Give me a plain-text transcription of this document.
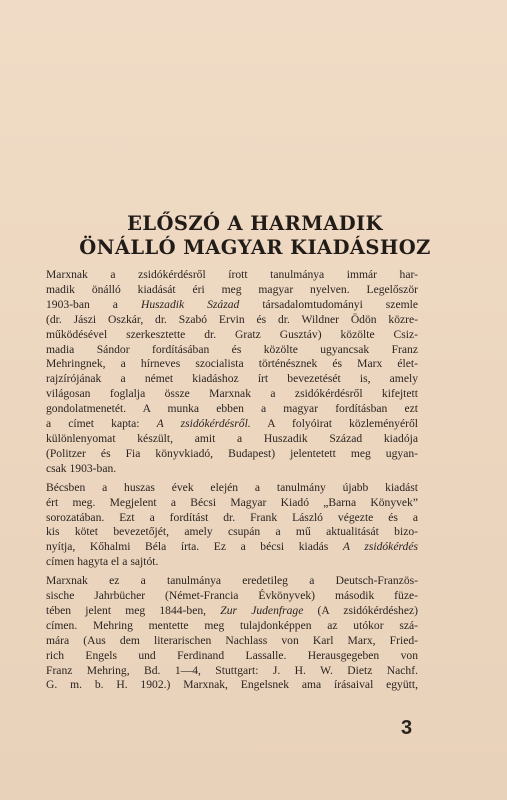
ELŐSZÓ A HARMADIK
ÖNÁLLÓ MAGYAR KIADÁSHOZ
Marxnak a zsidókérdésről írott tanulmánya immár har-
madik önálló kiadását éri meg magyar nyelven. Legelőször
1903-ban a Huszadik Század társadalomtudományi szemle
(dr. Jászi Oszkár, dr. Szabó Ervin és dr. Wildner Ödön közre-
működésével szerkesztette dr. Gratz Gusztáv) közölte Csiz-
madia Sándor fordításában és közölte ugyancsak Franz
Mehringnek, a hírneves szocialista történésznek és Marx élet-
rajzírójának a német kiadáshoz írt bevezetését is, amely
világosan foglalja össze Marxnak a zsidókérdésről kifejtett
gondolatmenetét. A munka ebben a magyar fordításban ezt
a címet kapta: A zsidókérdésről. A folyóirat közleményéről
különlenyomat készült, amit a Huszadik Század kiadója
(Politzer és Fia könyvkiadó, Budapest) jelentetett meg ugyan-
csak 1903-ban.
Bécsben a huszas évek elején a tanulmány újabb kiadást
ért meg. Megjelent a Bécsi Magyar Kiadó „Barna Könyvek”
sorozatában. Ezt a fordítást dr. Frank László végezte és a
kis kötet bevezetőjét, amely csupán a mű aktualitását bizo-
nyítja, Kőhalmi Béla írta. Ez a bécsi kiadás A zsidókérdés
címen hagyta el a sajtót.
Marxnak ez a tanulmánya eredetileg a Deutsch-Französ-
sische Jahrbücher (Német-Francia Évkönyvek) második füze-
tében jelent meg 1844-ben, Zur Judenfrage (A zsidókérdéshez)
címen. Mehring mentette meg tulajdonképpen az utókor szá-
mára (Aus dem literarischen Nachlass von Karl Marx, Fried-
rich Engels und Ferdinand Lassalle. Herausgegeben von
Franz Mehring, Bd. 1—4, Stuttgart: J. H. W. Dietz Nachf.
G. m. b. H. 1902.) Marxnak, Engelsnek ama írásaival együtt,
3
